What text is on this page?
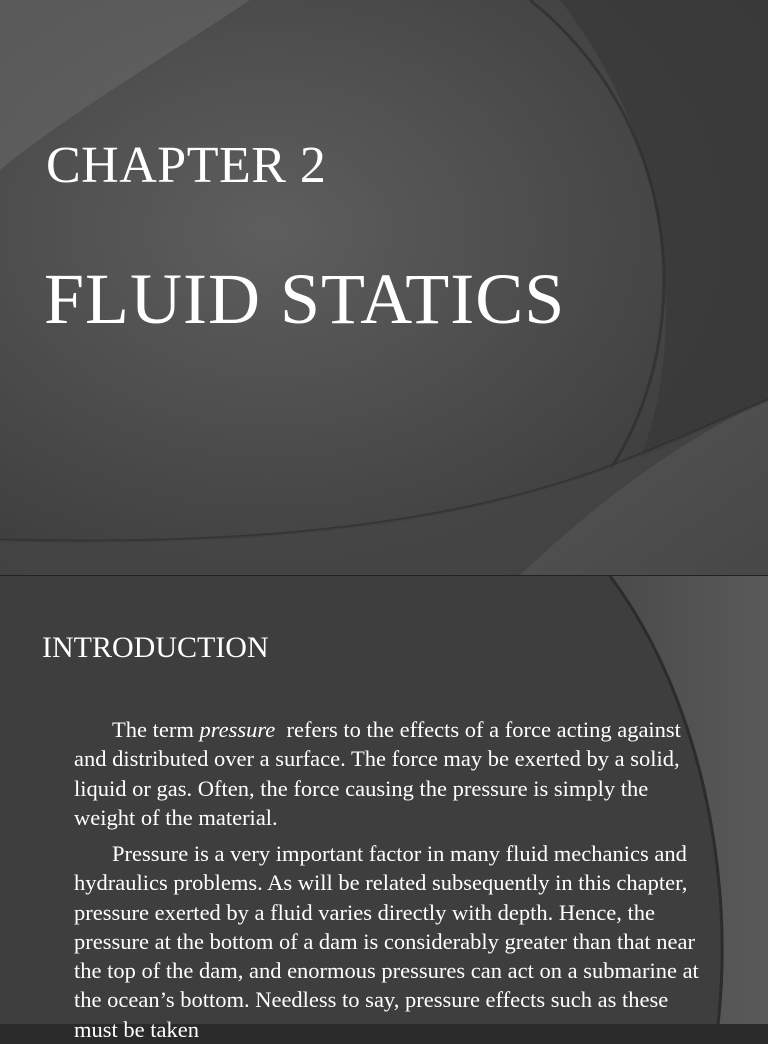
CHAPTER 2
FLUID STATICS
INTRODUCTION
The term pressure  refers to the effects of a force acting against and distributed over a surface. The force may be exerted by a solid, liquid or gas. Often, the force causing the pressure is simply the weight of the material.
Pressure is a very important factor in many fluid mechanics and hydraulics problems. As will be related subsequently in this chapter, pressure exerted by a fluid varies directly with depth. Hence, the pressure at the bottom of a dam is considerably greater than that near the top of the dam, and enormous pressures can act on a submarine at the ocean’s bottom. Needless to say, pressure effects such as these must be taken
